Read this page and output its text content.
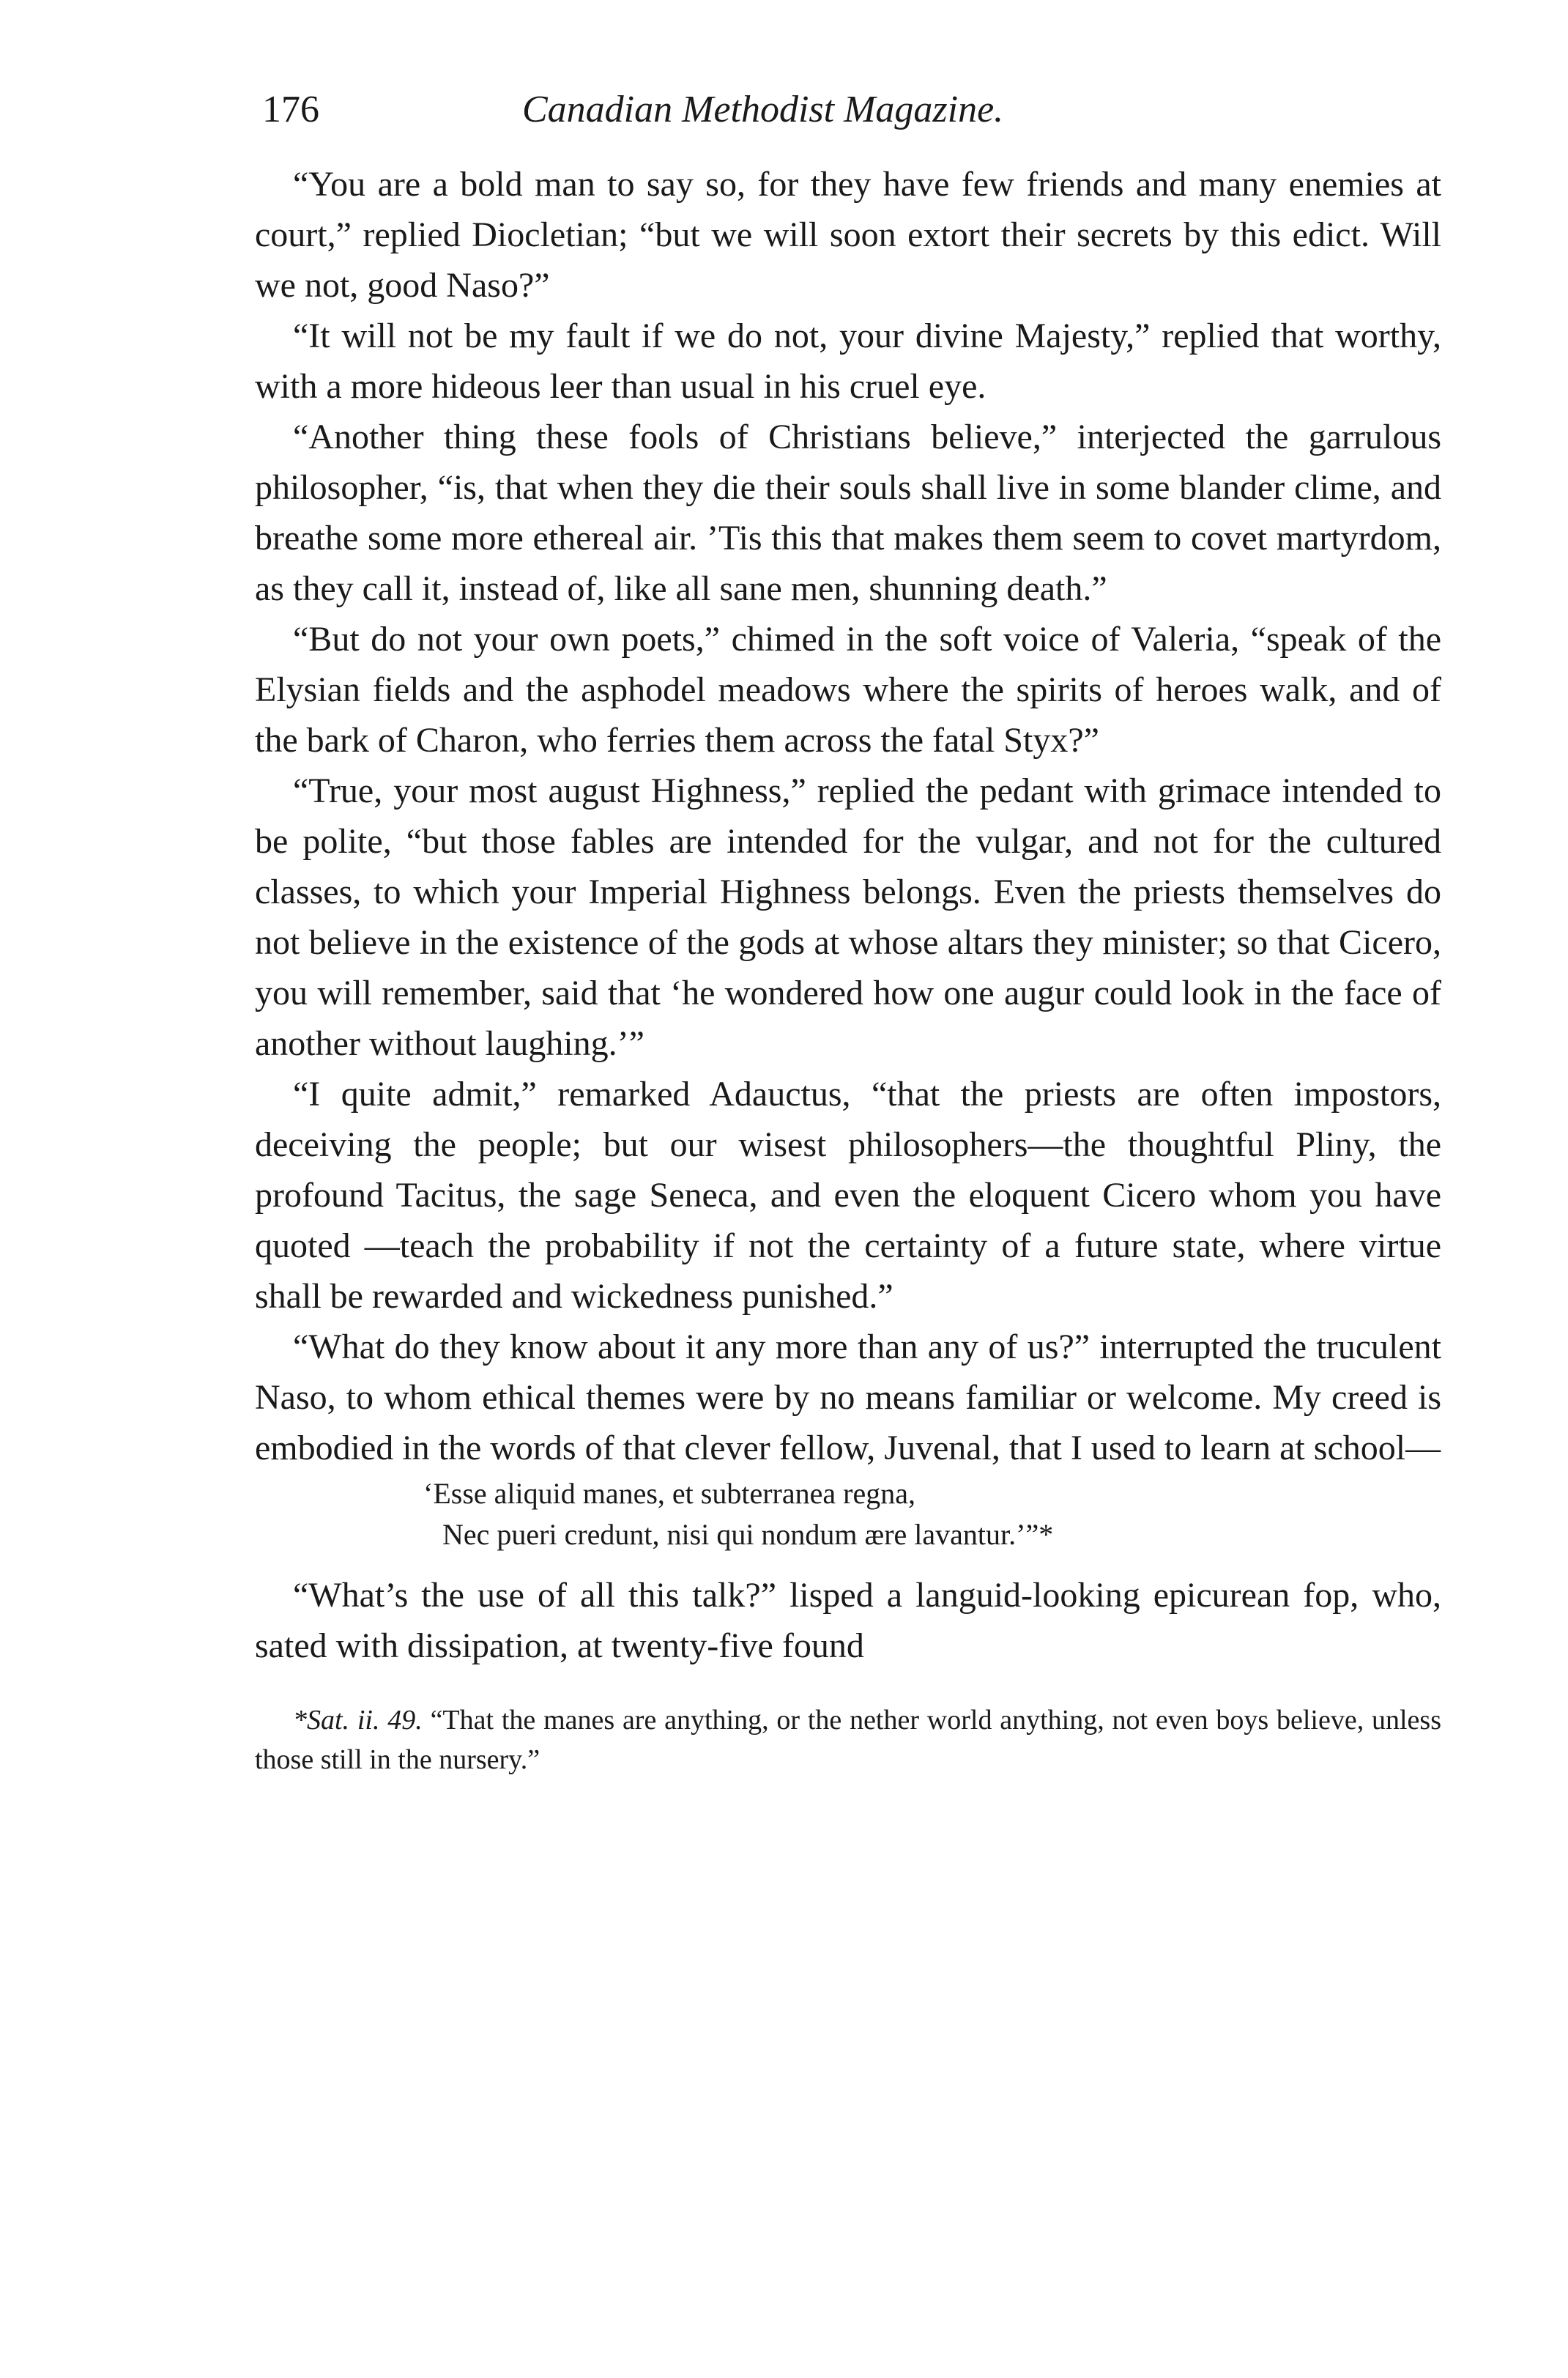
176	Canadian Methodist Magazine.

“You are a bold man to say so, for they have few friends and many enemies at court,” replied Diocletian; “but we will soon extort their secrets by this edict. Will we not, good Naso?”

“It will not be my fault if we do not, your divine Majesty,” replied that worthy, with a more hideous leer than usual in his cruel eye.

“Another thing these fools of Christians believe,” interjected the garrulous philosopher, “is, that when they die their souls shall live in some blander clime, and breathe some more ethereal air. ’Tis this that makes them seem to covet martyrdom, as they call it, instead of, like all sane men, shunning death.”

“But do not your own poets,” chimed in the soft voice of Valeria, “speak of the Elysian fields and the asphodel meadows where the spirits of heroes walk, and of the bark of Charon, who ferries them across the fatal Styx?”

“True, your most august Highness,” replied the pedant with grimace intended to be polite, “but those fables are intended for the vulgar, and not for the cultured classes, to which your Imperial Highness belongs. Even the priests themselves do not believe in the existence of the gods at whose altars they minister; so that Cicero, you will remember, said that ‘he wondered how one augur could look in the face of another without laughing.’”

“I quite admit,” remarked Adauctus, “that the priests are often impostors, deceiving the people; but our wisest philosophers—the thoughtful Pliny, the profound Tacitus, the sage Seneca, and even the eloquent Cicero whom you have quoted —teach the probability if not the certainty of a future state, where virtue shall be rewarded and wickedness punished.”

“What do they know about it any more than any of us?” interrupted the truculent Naso, to whom ethical themes were by no means familiar or welcome. My creed is embodied in the words of that clever fellow, Juvenal, that I used to learn at school—

‘Esse aliquid manes, et subterranea regna,
Nec pueri credunt, nisi qui nondum ære lavantur.’”*

“What’s the use of all this talk?” lisped a languid-looking epicurean fop, who, sated with dissipation, at twenty-five found

*Sat. ii. 49. “That the manes are anything, or the nether world anything, not even boys believe, unless those still in the nursery.”
